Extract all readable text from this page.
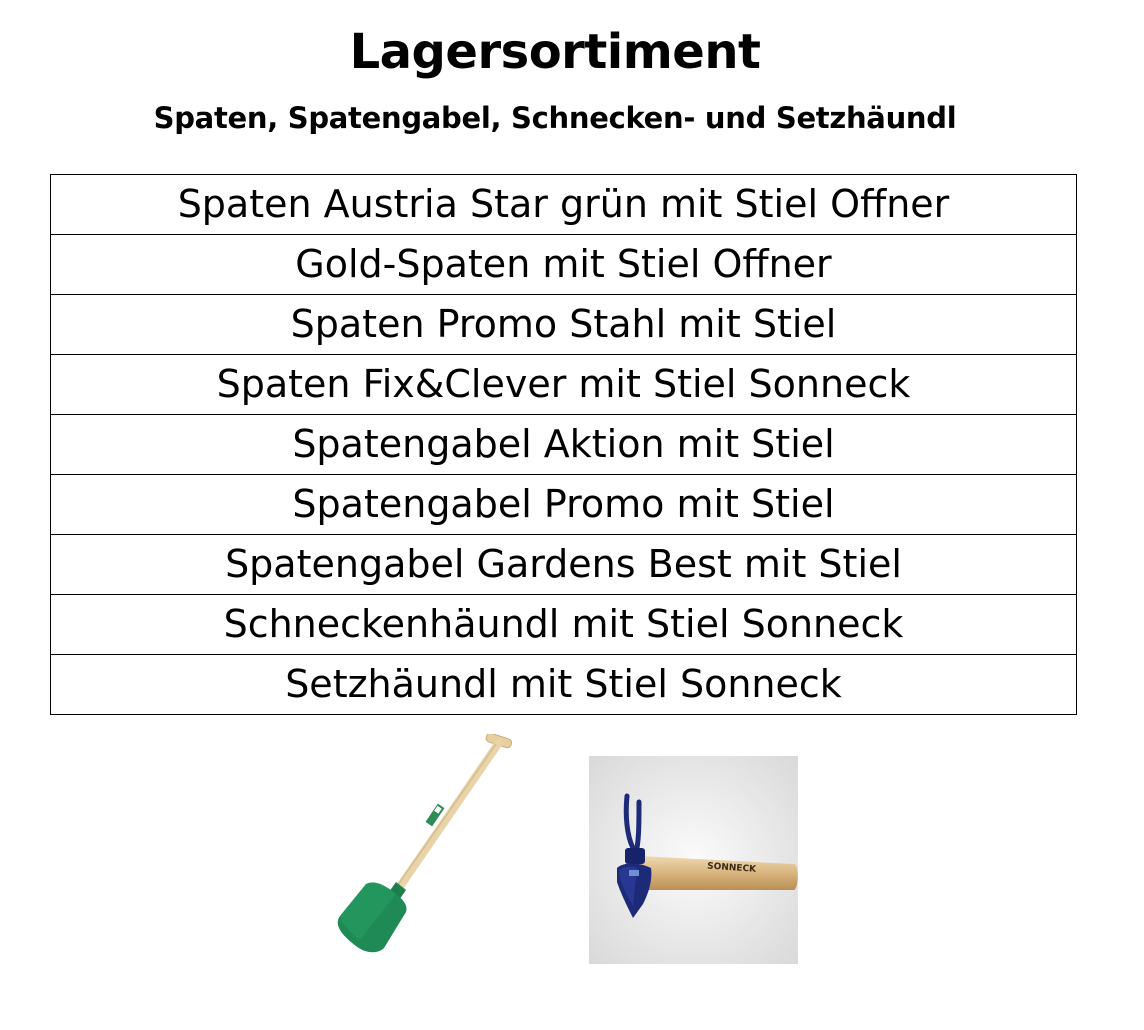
Lagersortiment
Spaten, Spatengabel, Schnecken- und Setzhäundl
Spaten Austria Star grün mit Stiel Offner
Gold-Spaten mit Stiel Offner
Spaten Promo Stahl mit Stiel
Spaten Fix&Clever mit Stiel Sonneck
Spatengabel Aktion mit Stiel
Spatengabel Promo mit Stiel
Spatengabel Gardens Best mit Stiel
Schneckenhäundl mit Stiel Sonneck
Setzhäundl mit Stiel Sonneck
SONNECK
